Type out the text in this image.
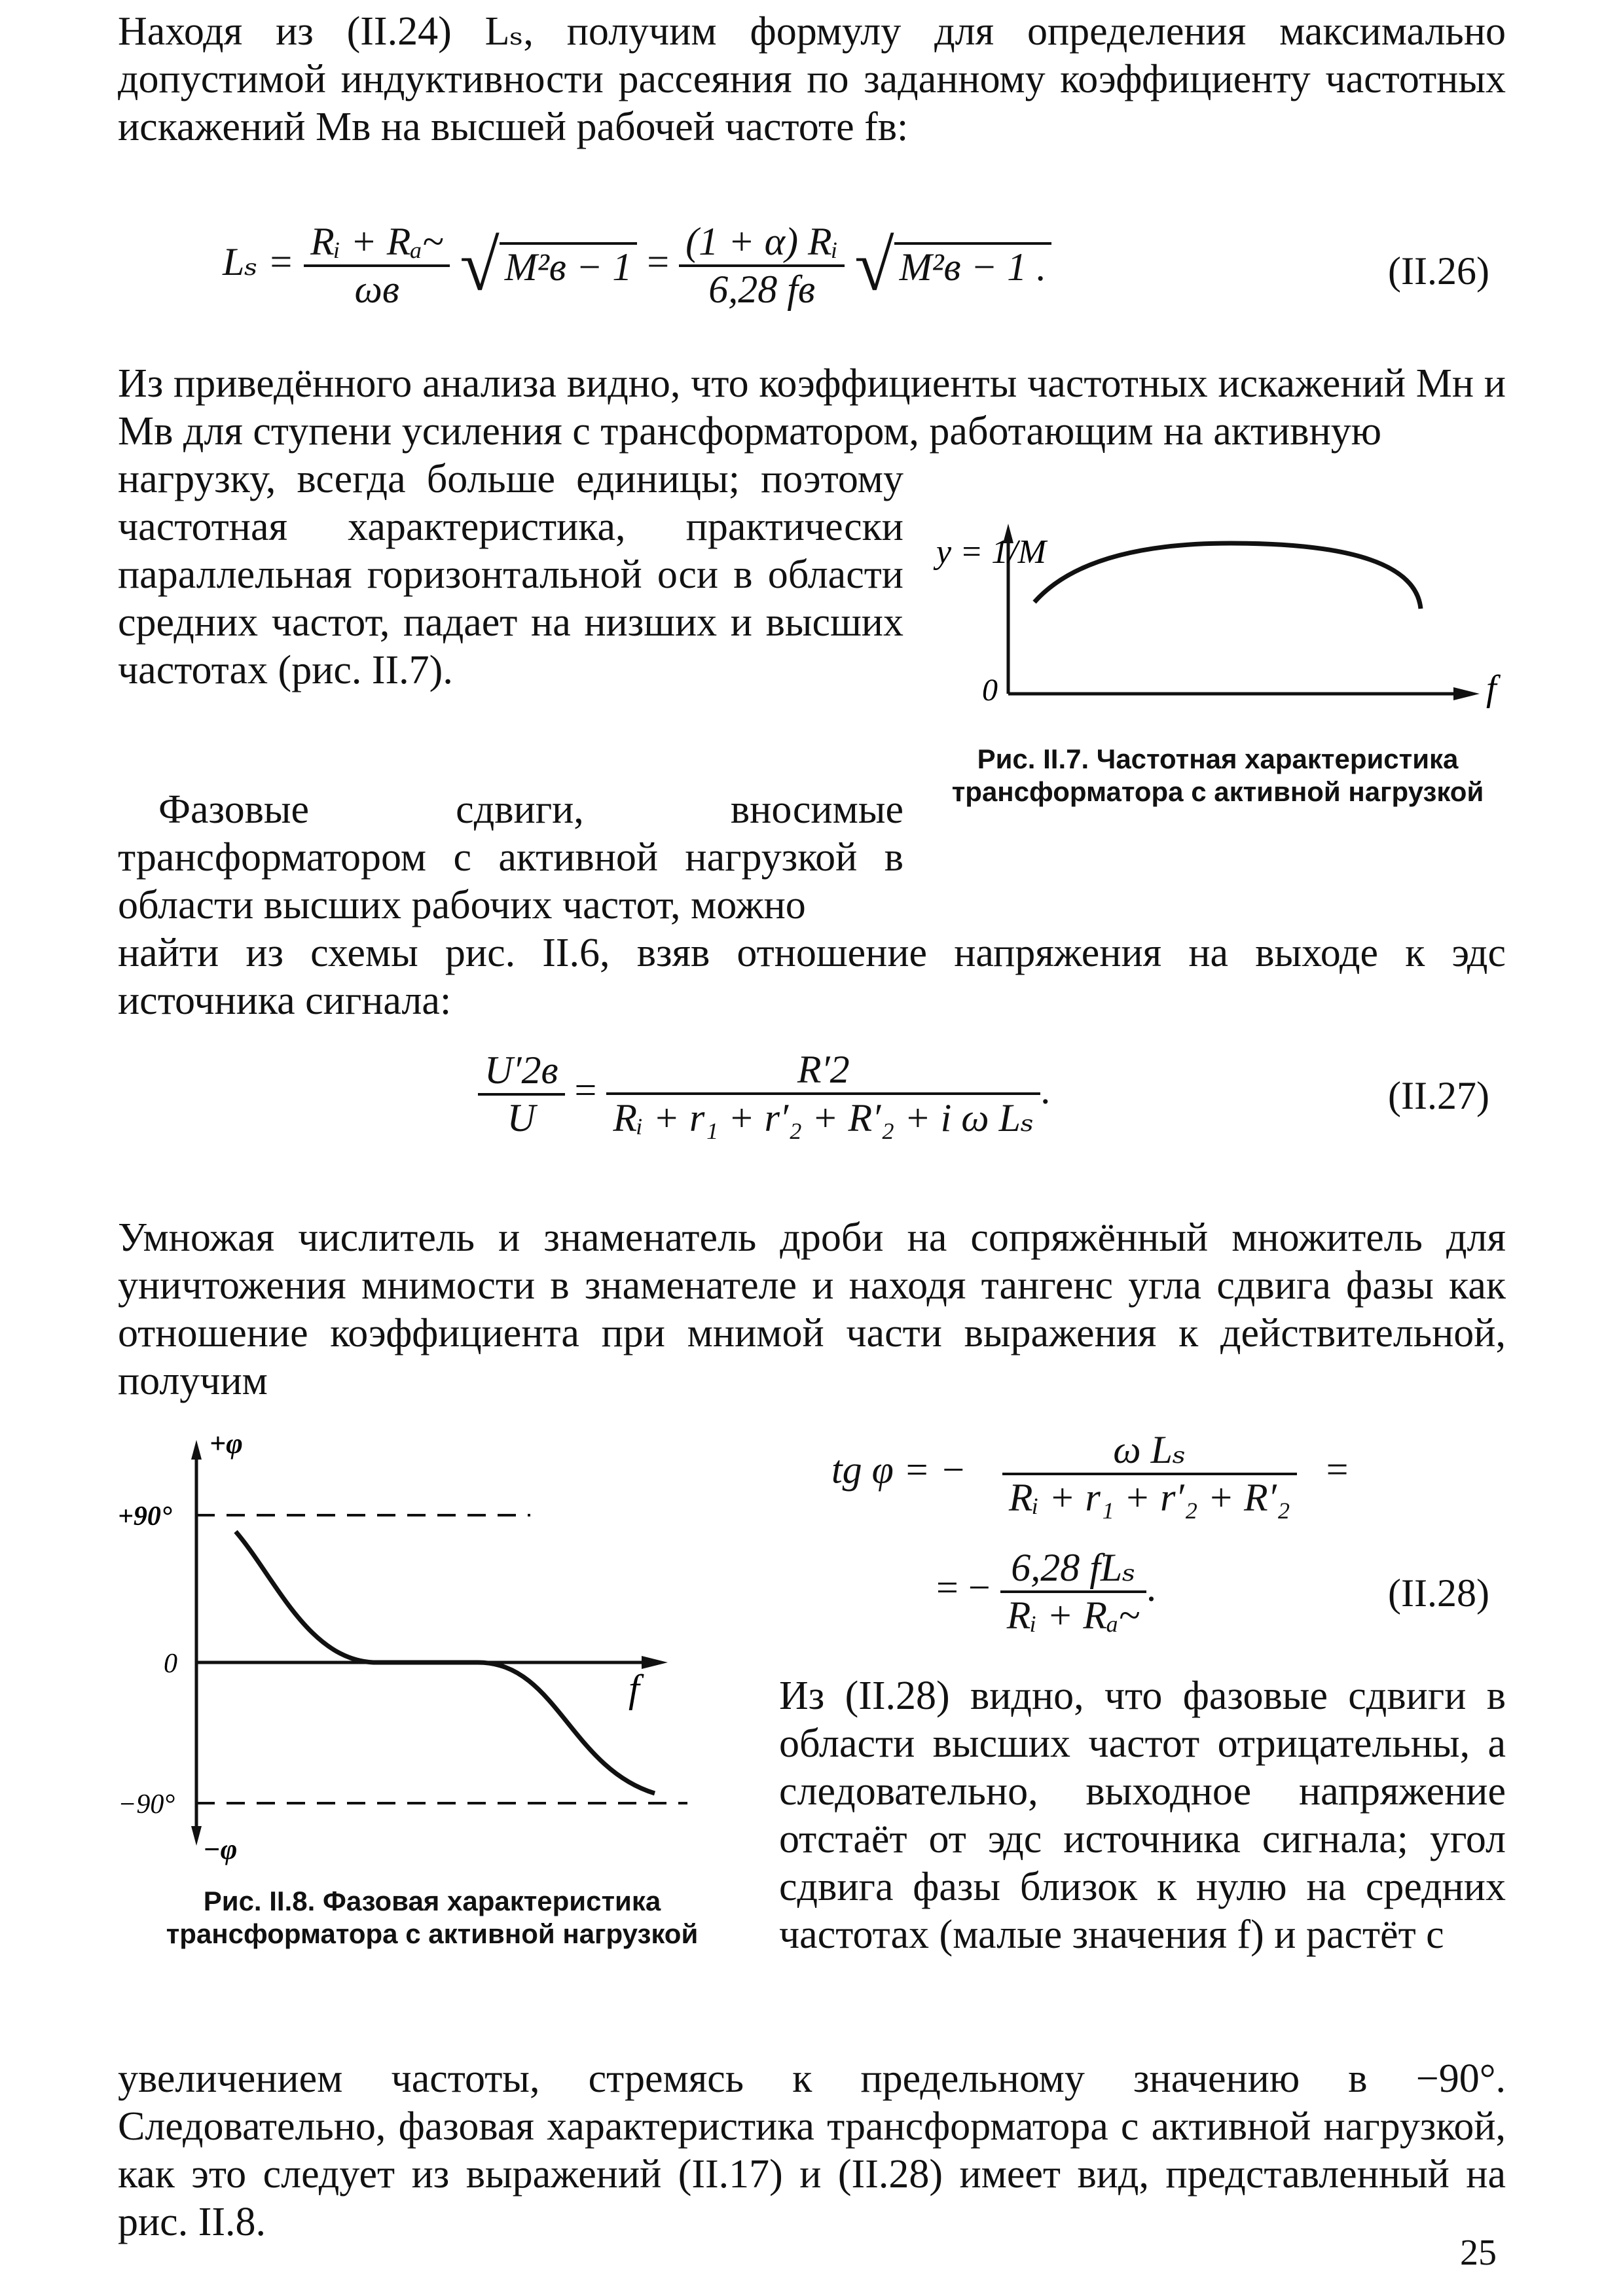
Находя из (II.24) Lₛ, получим формулу для определения максимально допустимой индуктивности рассеяния по заданному коэффициенту частотных искажений Mв на высшей рабочей частоте fв:

$L_s = \frac{\text{Rᵢ + Rₐ\textasciitilde{}}}{\omega в}$ √ $M^2в - 1 = \frac{\text{(1 + α) Rᵢ}}{6,28 fв}$ √ M²в − 1 .	(II.26)

Из приведённого анализа видно, что коэффициенты частотных искажений Mн и Mв для ступени усиления с трансформатором, работающим на активную

нагрузку, всегда больше единицы; поэтому частотная характеристика, практически параллельная горизонтальной оси в области средних частот, падает на низших и высших частотах (рис. II.7).

y = 1/M
0	f
Рис. II.7. Частотная характеристика трансформатора с активной нагрузкой

 Фазовые сдвиги, вносимые трансформатором с активной нагрузкой в области высших рабочих частот, можно

найти из схемы рис. II.6, взяв отношение напряжения на выходе к эдс источника сигнала:

$\frac{U'2в}{U} = \frac{R'2}{\text{Rᵢ + r₁ + r′₂ + R′₂ + i ω Lₛ}}$ .	(II.27)

Умножая числитель и знаменатель дроби на сопряжённый множитель для уничтожения мнимости в знаменателе и находя тангенс угла сдвига фазы как отношение коэффициента при мнимой части выражения к действительной, получим

+φ
−φ
+90°
0
−90°
f
Рис. II.8. Фазовая характеристика трансформатора с активной нагрузкой
tg φ = − $\frac{\text{ω Lₛ}}{\text{Rᵢ + r₁ + r′₂ + R′₂}}$ =
= − $\frac{\text{6,28 fLₛ}}{\text{Rᵢ + Rₐ\textasciitilde{}}}$ .	(II.28)

Из (II.28) видно, что фазовые сдвиги в области высших частот отрицательны, а следовательно, выходное напряжение отстаёт от эдс источника сигнала; угол сдвига фазы близок к нулю на средних частотах (малые значения f) и растёт с

увеличением частоты, стремясь к предельному значению в −90°. Следовательно, фазовая характеристика трансформатора с активной нагрузкой, как это следует из выражений (II.17) и (II.28) имеет вид, представленный на рис. II.8.

25
